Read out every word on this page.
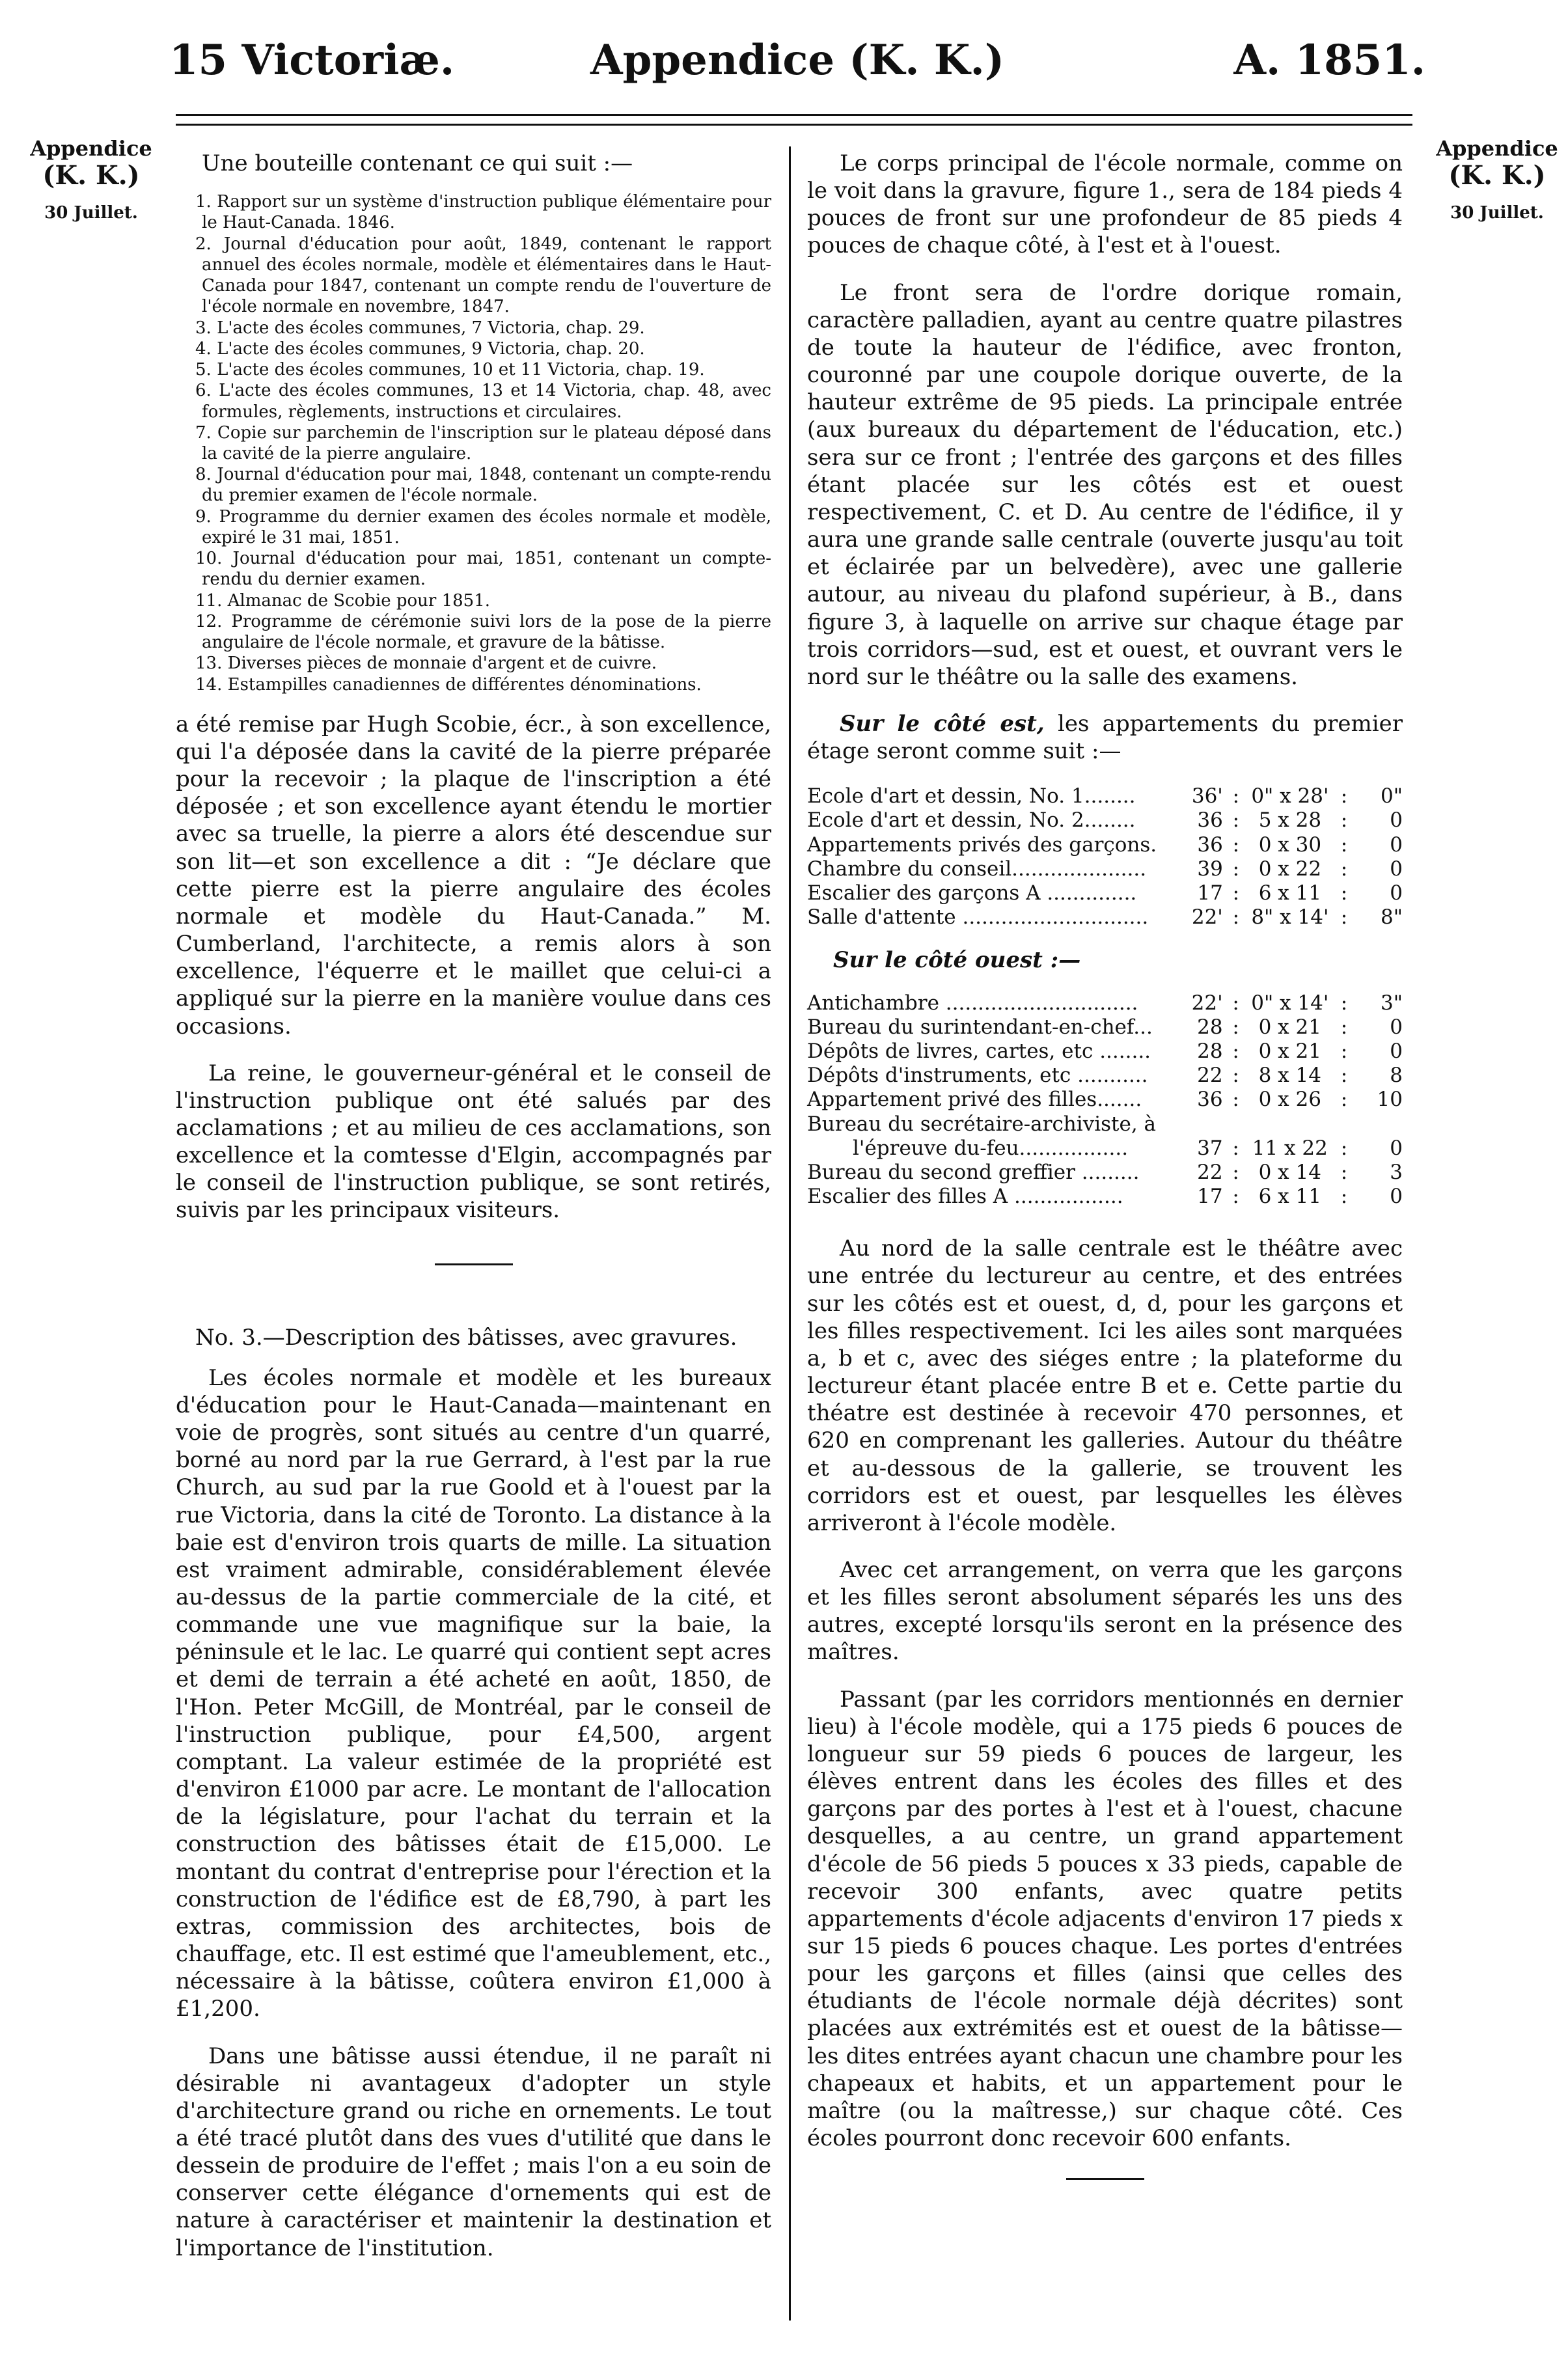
15 Victoriæ.	Appendice (K. K.)	A. 1851.
Appendice
(K. K.)
30 Juillet.
Appendice
(K. K.)
30 Juillet.

Une bouteille contenant ce qui suit :—

1. Rapport sur un système d'instruction publique élémentaire pour le Haut-Canada. 1846.

2. Journal d'éducation pour août, 1849, contenant le rapport annuel des écoles normale, modèle et élémentaires dans le Haut-Canada pour 1847, contenant un compte rendu de l'ouverture de l'école normale en novembre, 1847.

3. L'acte des écoles communes, 7 Victoria, chap. 29.

4. L'acte des écoles communes, 9 Victoria, chap. 20.

5. L'acte des écoles communes, 10 et 11 Victoria, chap. 19.

6. L'acte des écoles communes, 13 et 14 Victoria, chap. 48, avec formules, règlements, instructions et circulaires.

7. Copie sur parchemin de l'inscription sur le plateau déposé dans la cavité de la pierre angulaire.

8. Journal d'éducation pour mai, 1848, contenant un compte-rendu du premier examen de l'école normale.

9. Programme du dernier examen des écoles normale et modèle, expiré le 31 mai, 1851.

10. Journal d'éducation pour mai, 1851, contenant un compte-rendu du dernier examen.

11. Almanac de Scobie pour 1851.

12. Programme de cérémonie suivi lors de la pose de la pierre angulaire de l'école normale, et gravure de la bâtisse.

13. Diverses pièces de monnaie d'argent et de cuivre.

14. Estampilles canadiennes de différentes dénominations.

a été remise par Hugh Scobie, écr., à son excellence, qui l'a déposée dans la cavité de la pierre préparée pour la recevoir ; la plaque de l'inscription a été déposée ; et son excellence ayant étendu le mortier avec sa truelle, la pierre a alors été descendue sur son lit—et son excellence a dit : “Je déclare que cette pierre est la pierre angulaire des écoles normale et modèle du Haut-Canada.” M. Cumberland, l'architecte, a remis alors à son excellence, l'équerre et le maillet que celui-ci a appliqué sur la pierre en la manière voulue dans ces occasions.

La reine, le gouverneur-général et le conseil de l'instruction publique ont été salués par des acclamations ; et au milieu de ces acclamations, son excellence et la comtesse d'Elgin, accompagnés par le conseil de l'instruction publique, se sont retirés, suivis par les principaux visiteurs.

No. 3.—Description des bâtisses, avec gravures.

Les écoles normale et modèle et les bureaux d'éducation pour le Haut-Canada—maintenant en voie de progrès, sont situés au centre d'un quarré, borné au nord par la rue Gerrard, à l'est par la rue Church, au sud par la rue Goold et à l'ouest par la rue Victoria, dans la cité de Toronto. La distance à la baie est d'environ trois quarts de mille. La situation est vraiment admirable, considérablement élevée au-dessus de la partie commerciale de la cité, et commande une vue magnifique sur la baie, la péninsule et le lac. Le quarré qui contient sept acres et demi de terrain a été acheté en août, 1850, de l'Hon. Peter McGill, de Montréal, par le conseil de l'instruction publique, pour £4,500, argent comptant. La valeur estimée de la propriété est d'environ £1000 par acre. Le montant de l'allocation de la législature, pour l'achat du terrain et la construction des bâtisses était de £15,000. Le montant du contrat d'entreprise pour l'érection et la construction de l'édifice est de £8,790, à part les extras, commission des architectes, bois de chauffage, etc. Il est estimé que l'ameublement, etc., nécessaire à la bâtisse, coûtera environ £1,000 à £1,200.

Dans une bâtisse aussi étendue, il ne paraît ni désirable ni avantageux d'adopter un style d'architecture grand ou riche en ornements. Le tout a été tracé plutôt dans des vues d'utilité que dans le dessein de produire de l'effet ; mais l'on a eu soin de conserver cette élégance d'ornements qui est de nature à caractériser et maintenir la destination et l'importance de l'institution.

Le corps principal de l'école normale, comme on le voit dans la gravure, figure 1., sera de 184 pieds 4 pouces de front sur une profondeur de 85 pieds 4 pouces de chaque côté, à l'est et à l'ouest.

Le front sera de l'ordre dorique romain, caractère palladien, ayant au centre quatre pilastres de toute la hauteur de l'édifice, avec fronton, couronné par une coupole dorique ouverte, de la hauteur extrême de 95 pieds. La principale entrée (aux bureaux du département de l'éducation, etc.) sera sur ce front ; l'entrée des garçons et des filles étant placée sur les côtés est et ouest respectivement, C. et D. Au centre de l'édifice, il y aura une grande salle centrale (ouverte jusqu'au toit et éclairée par un belvedère), avec une gallerie autour, au niveau du plafond supérieur, à B., dans figure 3, à laquelle on arrive sur chaque étage par trois corridors—sud, est et ouest, et ouvrant vers le nord sur le théâtre ou la salle des examens.

Sur le côté est, les appartements du premier étage seront comme suit :—

Ecole d'art et dessin, No. 1........	36'	:	0" x 28'	:	0"
Ecole d'art et dessin, No. 2........	36	:	5 x 28	:	0
Appartements privés des garçons.	36	:	0 x 30	:	0
Chambre du conseil.....................	39	:	0 x 22	:	0
Escalier des garçons A ..............	17	:	6 x 11	:	0
Salle d'attente .............................	22'	:	8" x 14'	:	8"
Sur le côté ouest :—
Antichambre ..............................	22'	:	0" x 14'	:	3"
Bureau du surintendant-en-chef...	28	:	0 x 21	:	0
Dépôts de livres, cartes, etc ........	28	:	0 x 21	:	0
Dépôts d'instruments, etc ...........	22	:	8 x 14	:	8
Appartement privé des filles.......	36	:	0 x 26	:	10
Bureau du secrétaire-archiviste, à					
l'épreuve du-feu.................	37	:	11 x 22	:	0
Bureau du second greffier .........	22	:	0 x 14	:	3
Escalier des filles A .................	17	:	6 x 11	:	0

Au nord de la salle centrale est le théâtre avec une entrée du lectureur au centre, et des entrées sur les côtés est et ouest, d, d, pour les garçons et les filles respectivement. Ici les ailes sont marquées a, b et c, avec des siéges entre ; la plateforme du lectureur étant placée entre B et e. Cette partie du théatre est destinée à recevoir 470 personnes, et 620 en comprenant les galleries. Autour du théâtre et au-dessous de la gallerie, se trouvent les corridors est et ouest, par lesquelles les élèves arriveront à l'école modèle.

Avec cet arrangement, on verra que les garçons et les filles seront absolument séparés les uns des autres, excepté lorsqu'ils seront en la présence des maîtres.

Passant (par les corridors mentionnés en dernier lieu) à l'école modèle, qui a 175 pieds 6 pouces de longueur sur 59 pieds 6 pouces de largeur, les élèves entrent dans les écoles des filles et des garçons par des portes à l'est et à l'ouest, chacune desquelles, a au centre, un grand appartement d'école de 56 pieds 5 pouces x 33 pieds, capable de recevoir 300 enfants, avec quatre petits appartements d'école adjacents d'environ 17 pieds x sur 15 pieds 6 pouces chaque. Les portes d'entrées pour les garçons et filles (ainsi que celles des étudiants de l'école normale déjà décrites) sont placées aux extrémités est et ouest de la bâtisse—les dites entrées ayant chacun une chambre pour les chapeaux et habits, et un appartement pour le maître (ou la maîtresse,) sur chaque côté. Ces écoles pourront donc recevoir 600 enfants.
